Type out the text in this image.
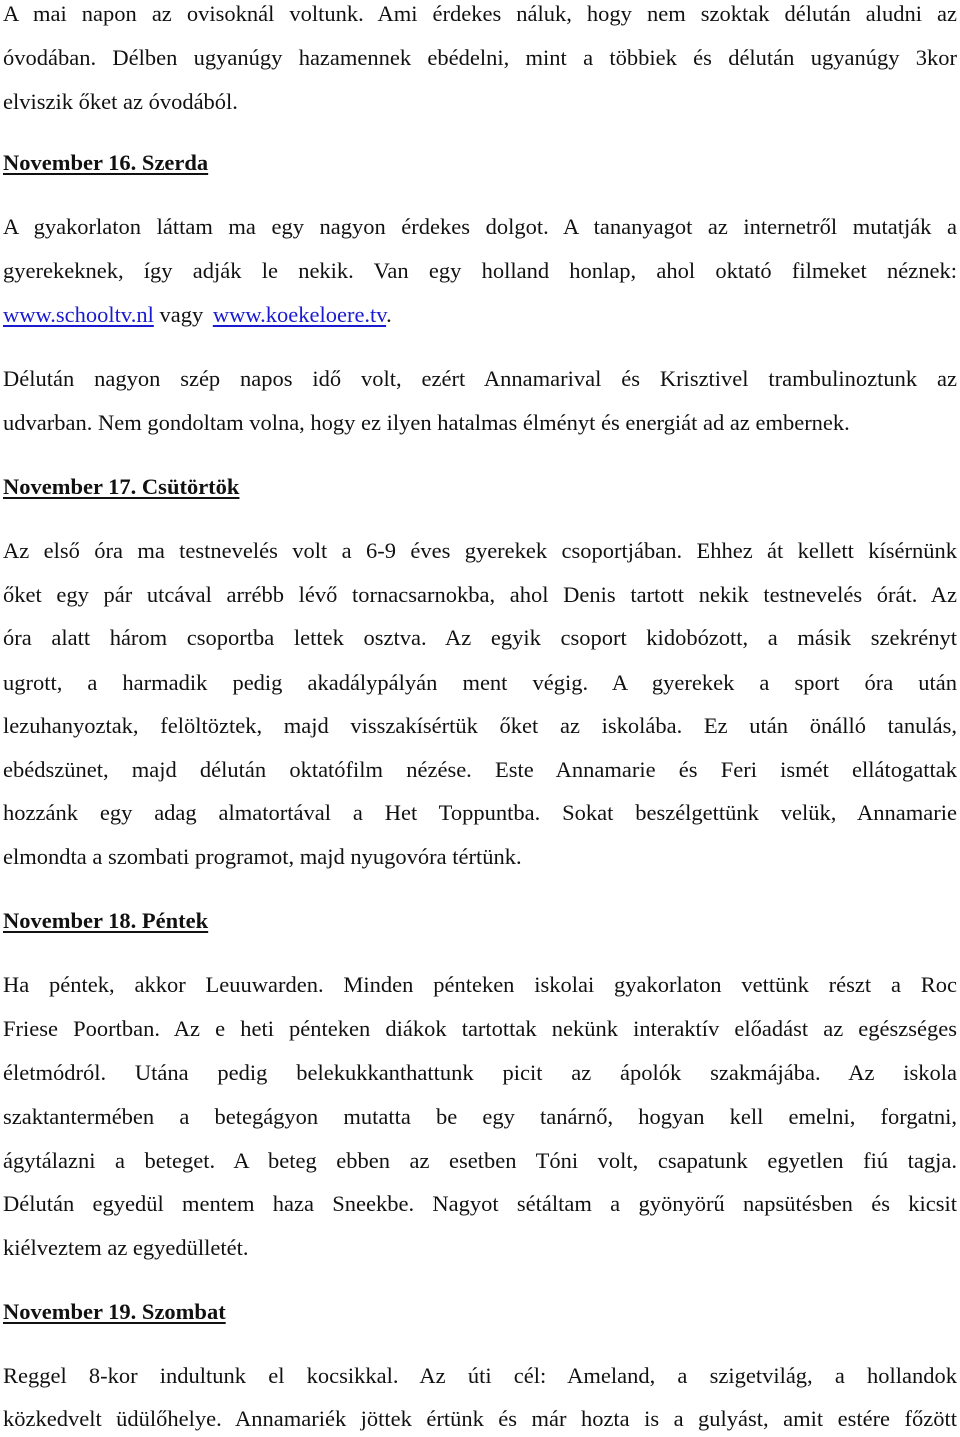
A mai napon az ovisoknál voltunk. Ami érdekes náluk, hogy nem szoktak délután aludni az
óvodában. Délben ugyanúgy hazamennek ebédelni, mint a többiek és délután ugyanúgy 3kor
elviszik őket az óvodából.
November 16. Szerda
A gyakorlaton láttam ma egy nagyon érdekes dolgot. A tananyagot az internetről mutatják a
gyerekeknek, így adják le nekik. Van egy holland honlap, ahol oktató filmeket néznek:
www.schooltv.nl vagy www.koekeloere.tv.
Délután nagyon szép napos idő volt, ezért Annamarival és Krisztivel trambulinoztunk az
udvarban. Nem gondoltam volna, hogy ez ilyen hatalmas élményt és energiát ad az embernek.
November 17. Csütörtök
Az első óra ma testnevelés volt a 6-9 éves gyerekek csoportjában. Ehhez át kellett kísérnünk
őket egy pár utcával arrébb lévő tornacsarnokba, ahol Denis tartott nekik testnevelés órát. Az
óra alatt három csoportba lettek osztva. Az egyik csoport kidobózott, a másik szekrényt
ugrott, a harmadik pedig akadálypályán ment végig. A gyerekek a sport óra után
lezuhanyoztak, felöltöztek, majd visszakísértük őket az iskolába. Ez után önálló tanulás,
ebédszünet, majd délután oktatófilm nézése. Este Annamarie és Feri ismét ellátogattak
hozzánk egy adag almatortával a Het Toppuntba. Sokat beszélgettünk velük, Annamarie
elmondta a szombati programot, majd nyugovóra tértünk.
November 18. Péntek
Ha péntek, akkor Leuuwarden. Minden pénteken iskolai gyakorlaton vettünk részt a Roc
Friese Poortban. Az e heti pénteken diákok tartottak nekünk interaktív előadást az egészséges
életmódról. Utána pedig belekukkanthattunk picit az ápolók szakmájába. Az iskola
szaktantermében a betegágyon mutatta be egy tanárnő, hogyan kell emelni, forgatni,
ágytálazni a beteget. A beteg ebben az esetben Tóni volt, csapatunk egyetlen fiú tagja.
Délután egyedül mentem haza Sneekbe. Nagyot sétáltam a gyönyörű napsütésben és kicsit
kiélveztem az egyedülletét.
November 19. Szombat
Reggel 8-kor indultunk el kocsikkal. Az úti cél: Ameland, a szigetvilág, a hollandok
közkedvelt üdülőhelye. Annamariék jöttek értünk és már hozta is a gulyást, amit estére főzött
